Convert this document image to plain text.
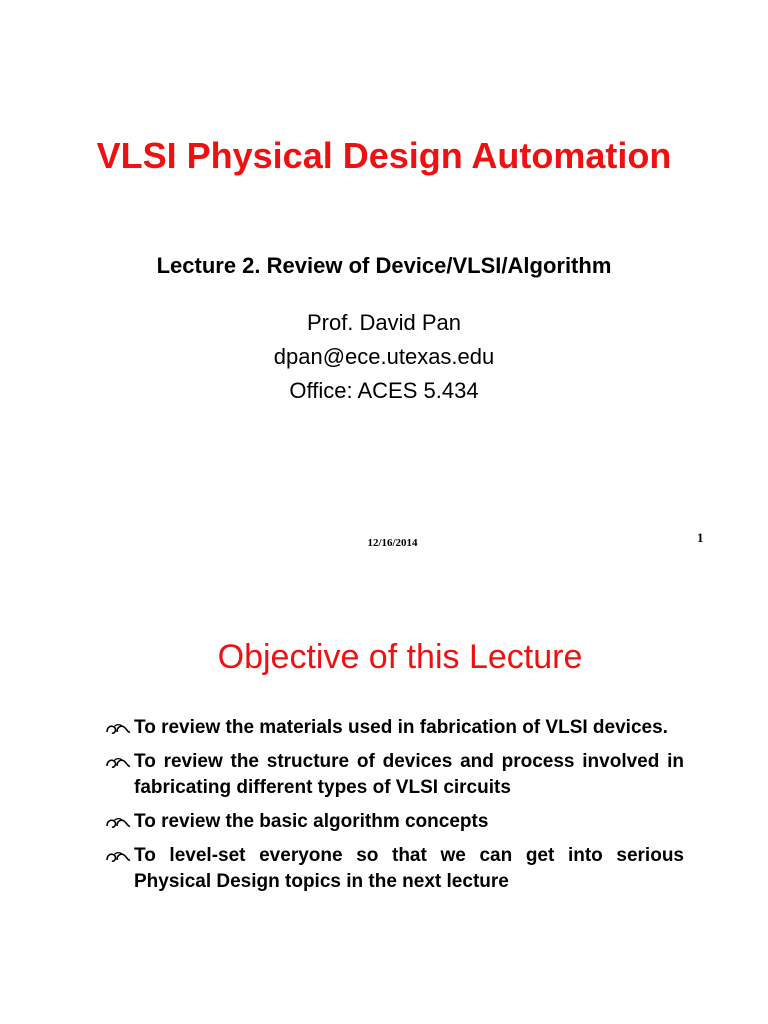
VLSI Physical Design Automation
Lecture 2. Review of Device/VLSI/Algorithm
Prof. David Pan
dpan@ece.utexas.edu
Office: ACES 5.434
12/16/2014	1
Objective of this Lecture
To review the materials used in fabrication of VLSI devices.
To review the structure of devices and process involved in fabricating different types of VLSI circuits
To review the basic algorithm concepts
To level-set everyone so that we can get into serious Physical Design topics in the next lecture
